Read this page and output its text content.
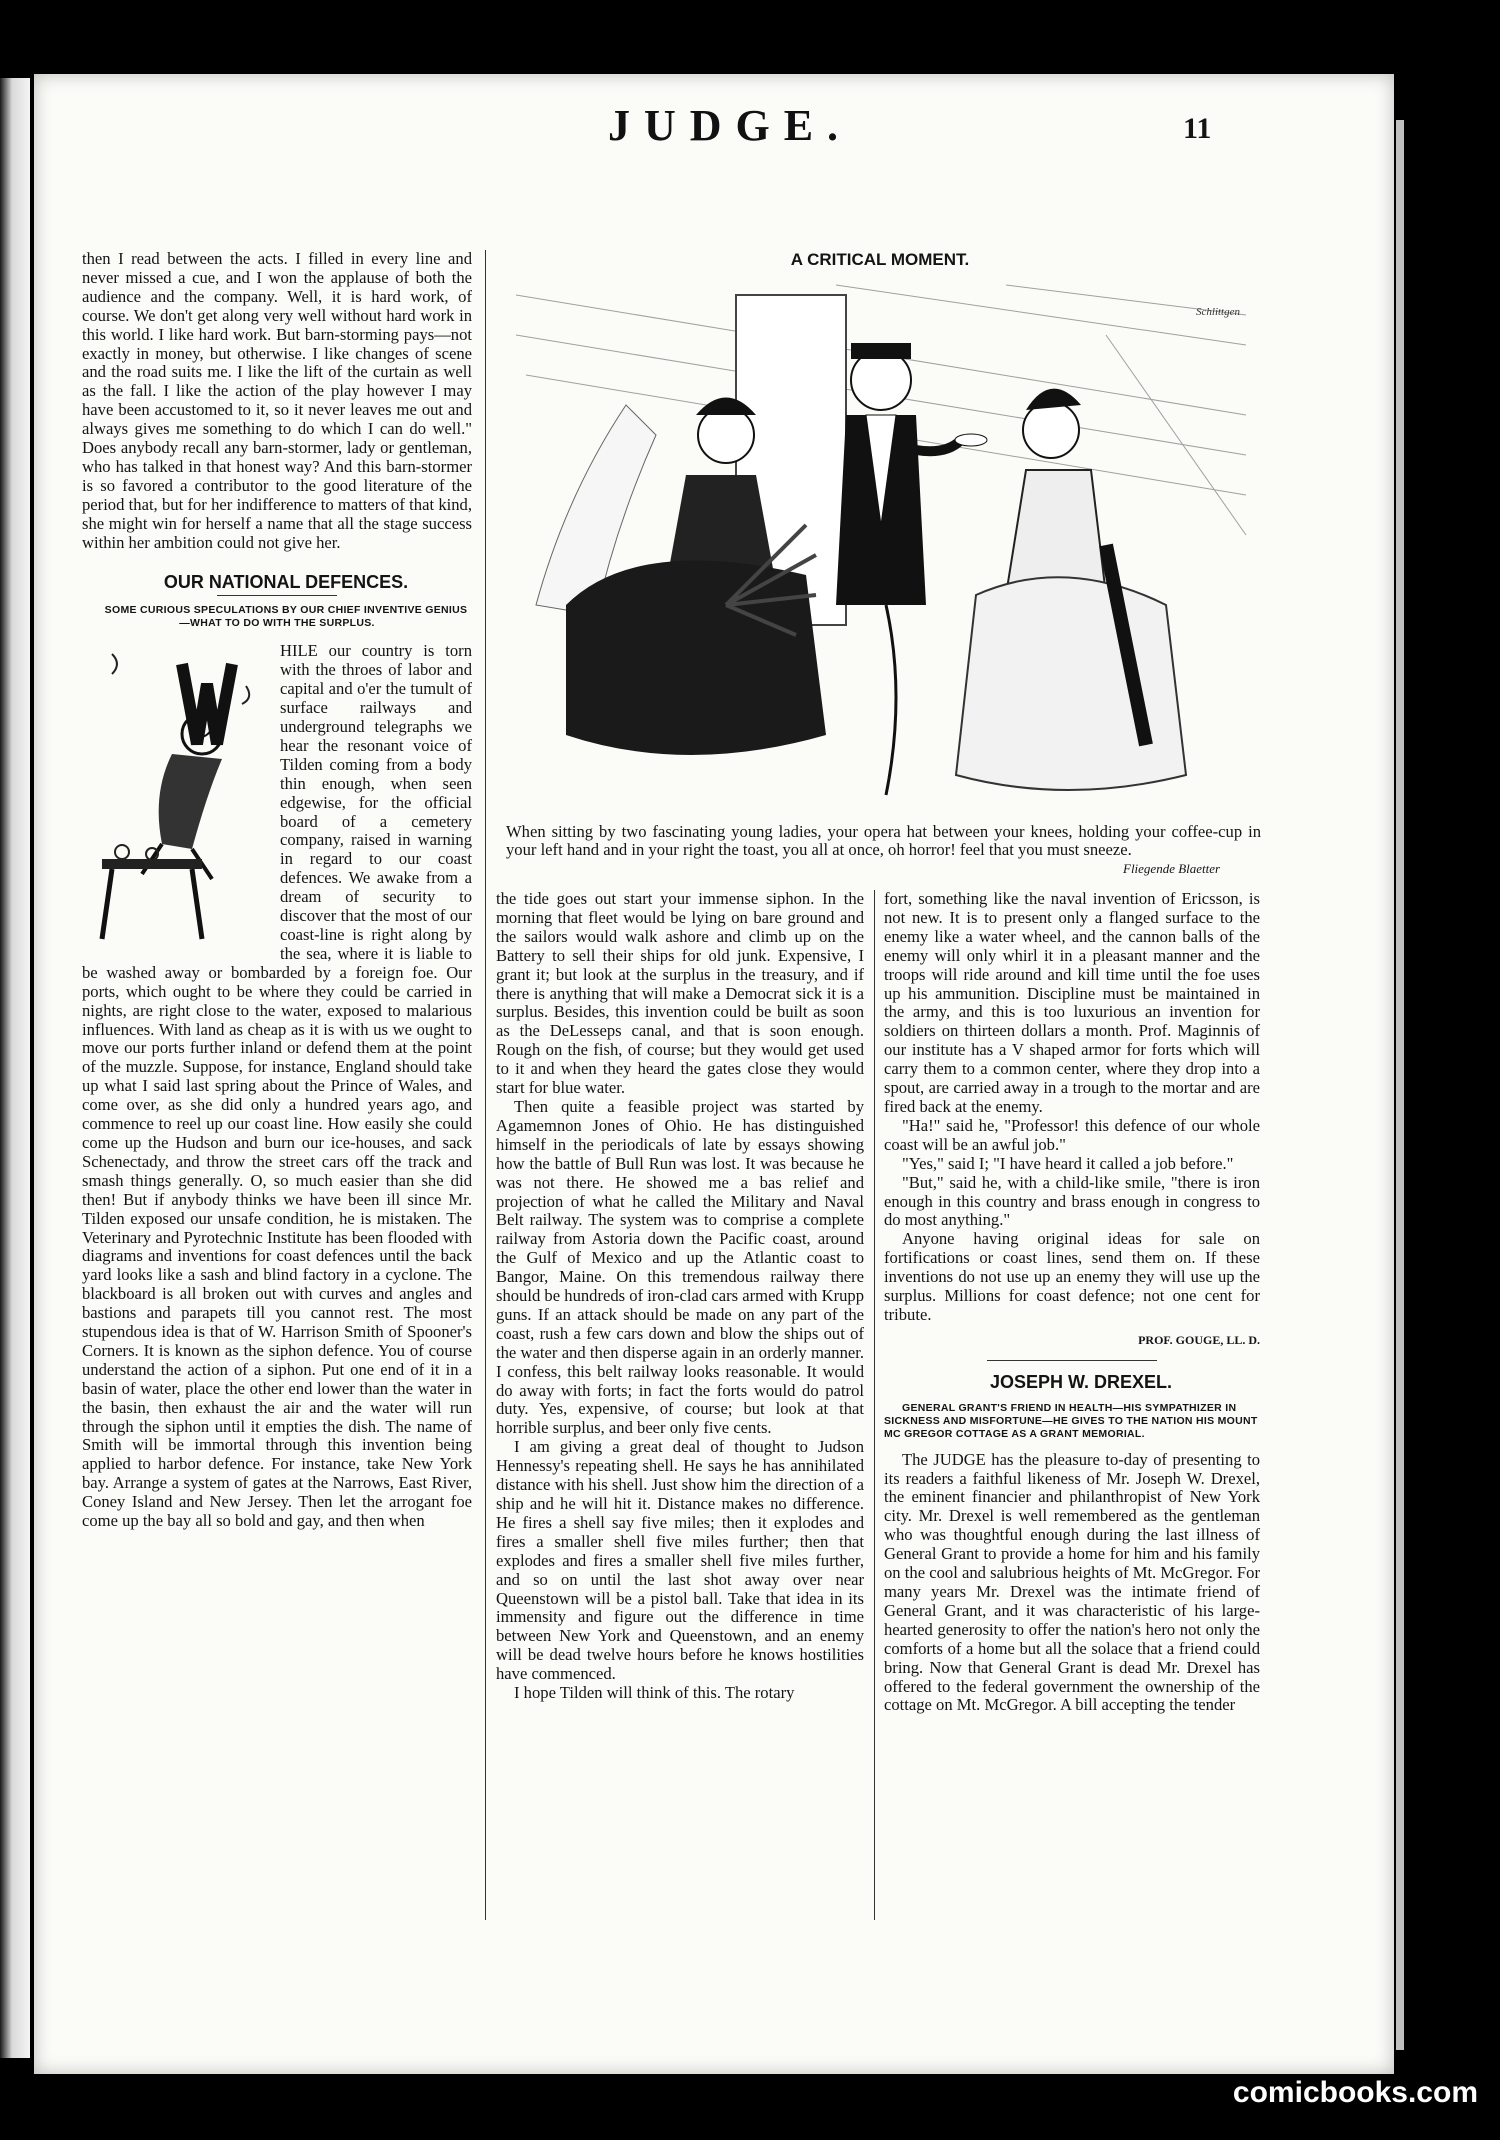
JUDGE.	11

then I read between the acts. I filled in every line and never missed a cue, and I won the applause of both the audience and the company. Well, it is hard work, of course. We don't get along very well without hard work in this world. I like hard work. But barn-storming pays—not exactly in money, but otherwise. I like changes of scene and the road suits me. I like the lift of the curtain as well as the fall. I like the action of the play however I may have been accustomed to it, so it never leaves me out and always gives me something to do which I can do well." Does anybody recall any barn-stormer, lady or gentleman, who has talked in that honest way? And this barn-stormer is so favored a contributor to the good literature of the period that, but for her indifference to matters of that kind, she might win for herself a name that all the stage success within her ambition could not give her.

OUR NATIONAL DEFENCES.

SOME CURIOUS SPECULATIONS BY OUR CHIEF INVENTIVE GENIUS—WHAT TO DO WITH THE SURPLUS.

HILE our country is torn with the throes of labor and capital and o'er the tumult of surface railways and underground telegraphs we hear the resonant voice of Tilden coming from a body thin enough, when seen edgewise, for the official board of a cemetery company, raised in warning in regard to our coast defences. We awake from a dream of security to discover that the most of our coast-line is right along by the sea, where it is liable to be washed away or bombarded by a foreign foe. Our ports, which ought to be where they could be carried in nights, are right close to the water, exposed to malarious influences. With land as cheap as it is with us we ought to move our ports further inland or defend them at the point of the muzzle. Suppose, for instance, England should take up what I said last spring about the Prince of Wales, and come over, as she did only a hundred years ago, and commence to reel up our coast line. How easily she could come up the Hudson and burn our ice-houses, and sack Schenectady, and throw the street cars off the track and smash things generally. O, so much easier than she did then! But if anybody thinks we have been ill since Mr. Tilden exposed our unsafe condition, he is mistaken. The Veterinary and Pyrotechnic Institute has been flooded with diagrams and inventions for coast defences until the back yard looks like a sash and blind factory in a cyclone. The blackboard is all broken out with curves and angles and bastions and parapets till you cannot rest. The most stupendous idea is that of W. Harrison Smith of Spooner's Corners. It is known as the siphon defence. You of course understand the action of a siphon. Put one end of it in a basin of water, place the other end lower than the water in the basin, then exhaust the air and the water will run through the siphon until it empties the dish. The name of Smith will be immortal through this invention being applied to harbor defence. For instance, take New York bay. Arrange a system of gates at the Narrows, East River, Coney Island and New Jersey. Then let the arrogant foe come up the bay all so bold and gay, and then when

A CRITICAL MOMENT.
Schlittgen
When sitting by two fascinating young ladies, your opera hat between your knees, holding your coffee-cup in your left hand and in your right the toast, you all at once, oh horror! feel that you must sneeze.
Fliegende Blaetter

the tide goes out start your immense siphon. In the morning that fleet would be lying on bare ground and the sailors would walk ashore and climb up on the Battery to sell their ships for old junk. Expensive, I grant it; but look at the surplus in the treasury, and if there is anything that will make a Democrat sick it is a surplus. Besides, this invention could be built as soon as the DeLesseps canal, and that is soon enough. Rough on the fish, of course; but they would get used to it and when they heard the gates close they would start for blue water.

Then quite a feasible project was started by Agamemnon Jones of Ohio. He has distinguished himself in the periodicals of late by essays showing how the battle of Bull Run was lost. It was because he was not there. He showed me a bas relief and projection of what he called the Military and Naval Belt railway. The system was to comprise a complete railway from Astoria down the Pacific coast, around the Gulf of Mexico and up the Atlantic coast to Bangor, Maine. On this tremendous railway there should be hundreds of iron-clad cars armed with Krupp guns. If an attack should be made on any part of the coast, rush a few cars down and blow the ships out of the water and then disperse again in an orderly manner. I confess, this belt railway looks reasonable. It would do away with forts; in fact the forts would do patrol duty. Yes, expensive, of course; but look at that horrible surplus, and beer only five cents.

I am giving a great deal of thought to Judson Hennessy's repeating shell. He says he has annihilated distance with his shell. Just show him the direction of a ship and he will hit it. Distance makes no difference. He fires a shell say five miles; then it explodes and fires a smaller shell five miles further; then that explodes and fires a smaller shell five miles further, and so on until the last shot away over near Queenstown will be a pistol ball. Take that idea in its immensity and figure out the difference in time between New York and Queenstown, and an enemy will be dead twelve hours before he knows hostilities have commenced.

I hope Tilden will think of this. The rotary

fort, something like the naval invention of Ericsson, is not new. It is to present only a flanged surface to the enemy like a water wheel, and the cannon balls of the enemy will only whirl it in a pleasant manner and the troops will ride around and kill time until the foe uses up his ammunition. Discipline must be maintained in the army, and this is too luxurious an invention for soldiers on thirteen dollars a month. Prof. Maginnis of our institute has a V shaped armor for forts which will carry them to a common center, where they drop into a spout, are carried away in a trough to the mortar and are fired back at the enemy.

"Ha!" said he, "Professor! this defence of our whole coast will be an awful job."

"Yes," said I; "I have heard it called a job before."

"But," said he, with a child-like smile, "there is iron enough in this country and brass enough in congress to do most anything."

Anyone having original ideas for sale on fortifications or coast lines, send them on. If these inventions do not use up an enemy they will use up the surplus. Millions for coast defence; not one cent for tribute.

PROF. GOUGE, LL. D.

JOSEPH W. DREXEL.

GENERAL GRANT'S FRIEND IN HEALTH—HIS SYMPATHIZER IN SICKNESS AND MISFORTUNE—HE GIVES TO THE NATION HIS MOUNT MC GREGOR COTTAGE AS A GRANT MEMORIAL.

The JUDGE has the pleasure to-day of presenting to its readers a faithful likeness of Mr. Joseph W. Drexel, the eminent financier and philanthropist of New York city. Mr. Drexel is well remembered as the gentleman who was thoughtful enough during the last illness of General Grant to provide a home for him and his family on the cool and salubrious heights of Mt. McGregor. For many years Mr. Drexel was the intimate friend of General Grant, and it was characteristic of his large-hearted generosity to offer the nation's hero not only the comforts of a home but all the solace that a friend could bring. Now that General Grant is dead Mr. Drexel has offered to the federal government the ownership of the cottage on Mt. McGregor. A bill accepting the tender

comicbooks.com
